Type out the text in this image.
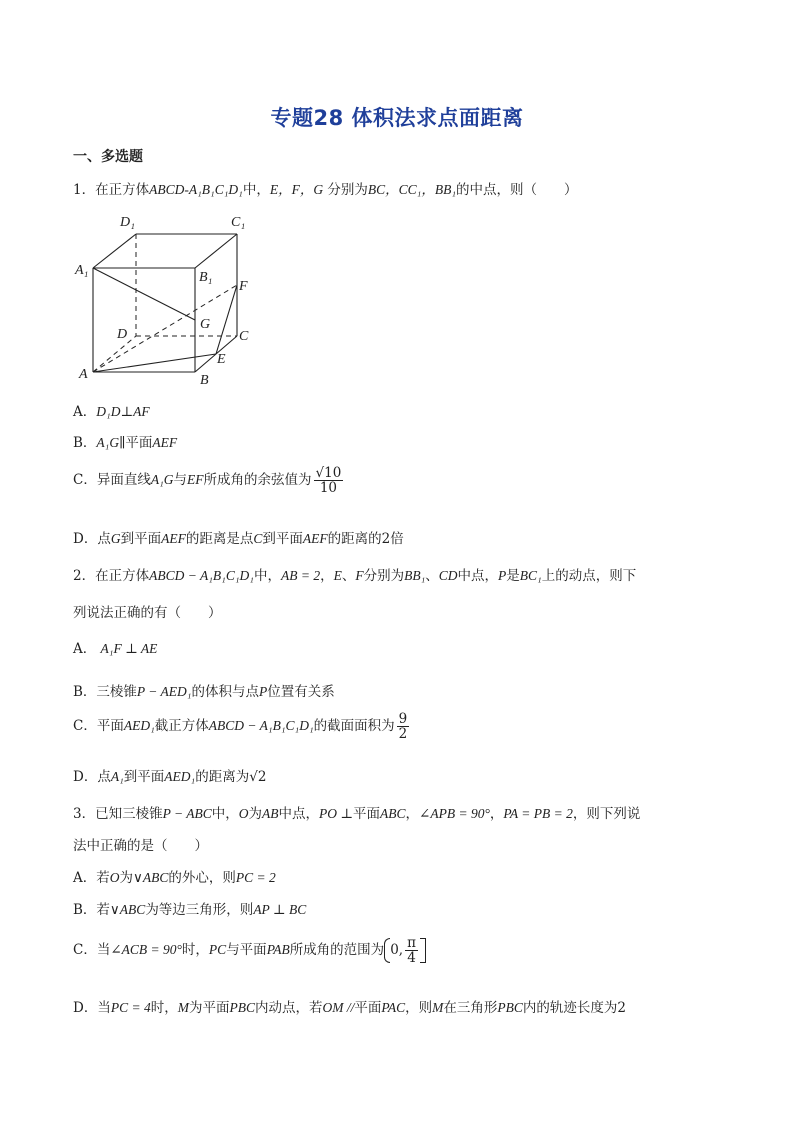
专题28 体积法求点面距离
一、多选题
1．在正方体ABCD-A₁B₁C₁D₁中，E，F，G 分别为BC，CC₁，BB₁的中点，则（　　）
D₁	C₁
A₁	B₁
F
G
D	C
E
A	B
A．D₁D⊥AF
B．A₁G∥平面AEF
C．异面直线A₁G与EF所成角的余弦值为 $\frac{√10}{10}$
D．点G到平面AEF的距离是点C到平面AEF的距离的2倍
2．在正方体ABCD − A₁B₁C₁D₁中，AB = 2，E、F分别为BB₁、CD中点，P是BC₁上的动点，则下
列说法正确的有（　　）
A． A₁F ⊥ AE
B．三棱锥P − AED₁的体积与点P位置有关系
C．平面AED₁截正方体ABCD − A₁B₁C₁D₁的截面面积为 $\frac{9}{2}$
D．点A₁到平面AED₁的距离为√2
3．已知三棱锥P − ABC中，O为AB中点，PO ⊥平面ABC，∠APB = 90°，PA = PB = 2，则下列说
法中正确的是（　　）
A．若O为∨ABC的外心，则PC = 2
B．若∨ABC为等边三角形，则AP ⊥ BC
C．当∠ACB = 90°时，PC与平面PAB所成角的范围为 0, $\frac{\pi}{4}$
D．当PC = 4时，M为平面PBC内动点，若OM //平面PAC，则M在三角形PBC内的轨迹长度为2
